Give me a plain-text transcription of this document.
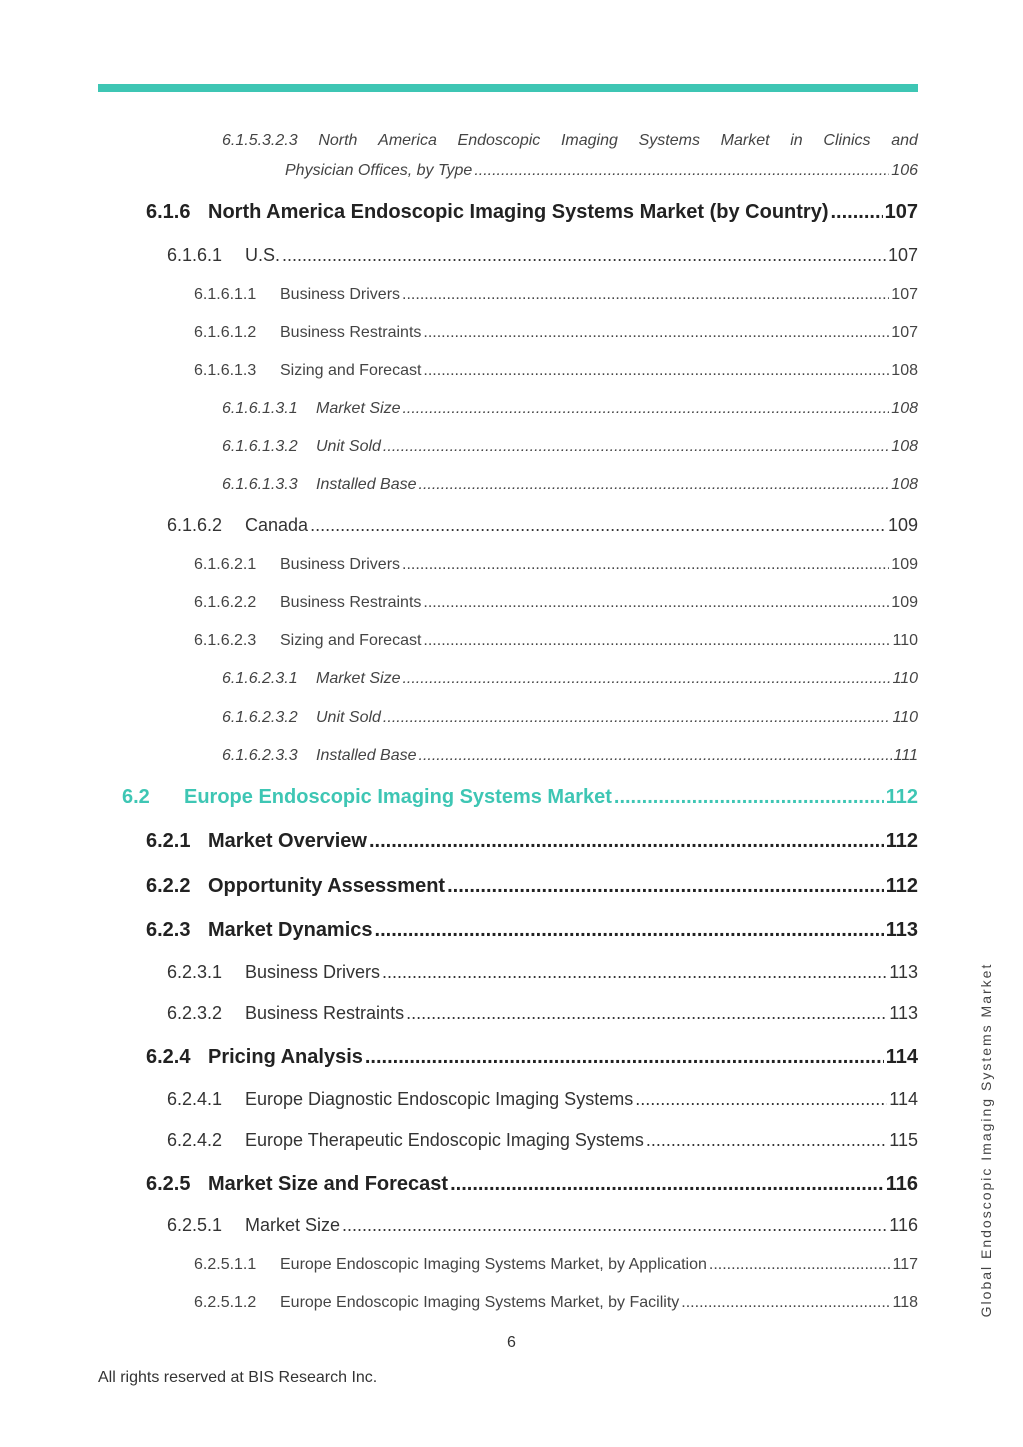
6.1.5.3.2.3 North America Endoscopic Imaging Systems Market in Clinics and
Physician Offices, by Type .....	106
6.1.6 North America Endoscopic Imaging Systems Market (by Country) .....	107
6.1.6.1	U.S. .....	107
6.1.6.1.1	Business Drivers .....	107
6.1.6.1.2	Business Restraints .....	107
6.1.6.1.3	Sizing and Forecast .....	108
6.1.6.1.3.1	Market Size .....	108
6.1.6.1.3.2	Unit Sold .....	108
6.1.6.1.3.3	Installed Base .....	108
6.1.6.2	Canada .....	109
6.1.6.2.1	Business Drivers .....	109
6.1.6.2.2	Business Restraints .....	109
6.1.6.2.3	Sizing and Forecast .....	110
6.1.6.2.3.1	Market Size .....	110
6.1.6.2.3.2	Unit Sold .....	110
6.1.6.2.3.3	Installed Base .....	111
6.2	Europe Endoscopic Imaging Systems Market .....	112
6.2.1 Market Overview .....	112
6.2.2 Opportunity Assessment .....	112
6.2.3 Market Dynamics .....	113
6.2.3.1	Business Drivers .....	113
6.2.3.2	Business Restraints .....	113
6.2.4 Pricing Analysis .....	114
6.2.4.1	Europe Diagnostic Endoscopic Imaging Systems .....	114
6.2.4.2	Europe Therapeutic Endoscopic Imaging Systems .....	115
6.2.5 Market Size and Forecast .....	116
6.2.5.1	Market Size .....	116
6.2.5.1.1	Europe Endoscopic Imaging Systems Market, by Application .....	117
6.2.5.1.2	Europe Endoscopic Imaging Systems Market, by Facility .....	118
6
All rights reserved at BIS Research Inc.
Global Endoscopic Imaging Systems Market
